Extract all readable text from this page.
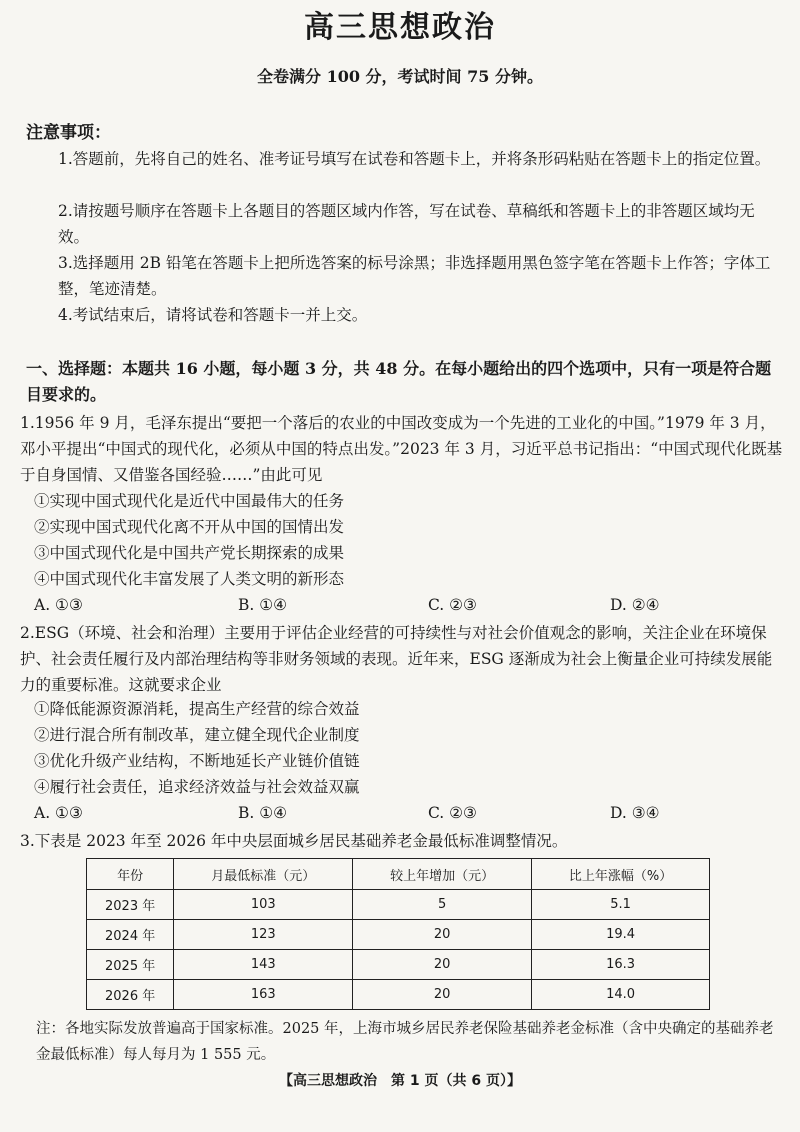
高三思想政治
全卷满分 100 分，考试时间 75 分钟。
注意事项：
1.答题前，先将自己的姓名、准考证号填写在试卷和答题卡上，并将条形码粘贴在答题卡上的指定位置。
2.请按题号顺序在答题卡上各题目的答题区域内作答，写在试卷、草稿纸和答题卡上的非答题区域均无效。
3.选择题用 2B 铅笔在答题卡上把所选答案的标号涂黑；非选择题用黑色签字笔在答题卡上作答；字体工整，笔迹清楚。
4.考试结束后，请将试卷和答题卡一并上交。
一、选择题：本题共 16 小题，每小题 3 分，共 48 分。在每小题给出的四个选项中，只有一项是符合题目要求的。
1.1956 年 9 月，毛泽东提出“要把一个落后的农业的中国改变成为一个先进的工业化的中国。”1979 年 3 月，邓小平提出“中国式的现代化，必须从中国的特点出发。”2023 年 3 月，习近平总书记指出：“中国式现代化既基于自身国情、又借鉴各国经验……”由此可见
①实现中国式现代化是近代中国最伟大的任务
②实现中国式现代化离不开从中国的国情出发
③中国式现代化是中国共产党长期探索的成果
④中国式现代化丰富发展了人类文明的新形态
A. ①③	B. ①④	C. ②③	D. ②④
2.ESG（环境、社会和治理）主要用于评估企业经营的可持续性与对社会价值观念的影响，关注企业在环境保护、社会责任履行及内部治理结构等非财务领域的表现。近年来，ESG 逐渐成为社会上衡量企业可持续发展能力的重要标准。这就要求企业
①降低能源资源消耗，提高生产经营的综合效益
②进行混合所有制改革，建立健全现代企业制度
③优化升级产业结构，不断地延长产业链价值链
④履行社会责任，追求经济效益与社会效益双赢
A. ①③	B. ①④	C. ②③	D. ③④
3.下表是 2023 年至 2026 年中央层面城乡居民基础养老金最低标准调整情况。
年份	月最低标准（元）	较上年增加（元）	比上年涨幅（%）
2023 年	103	5	5.1
2024 年	123	20	19.4
2025 年	143	20	16.3
2026 年	163	20	14.0
注：各地实际发放普遍高于国家标准。2025 年，上海市城乡居民养老保险基础养老金标准（含中央确定的基础养老金最低标准）每人每月为 1 555 元。
【高三思想政治　第 1 页（共 6 页）】
